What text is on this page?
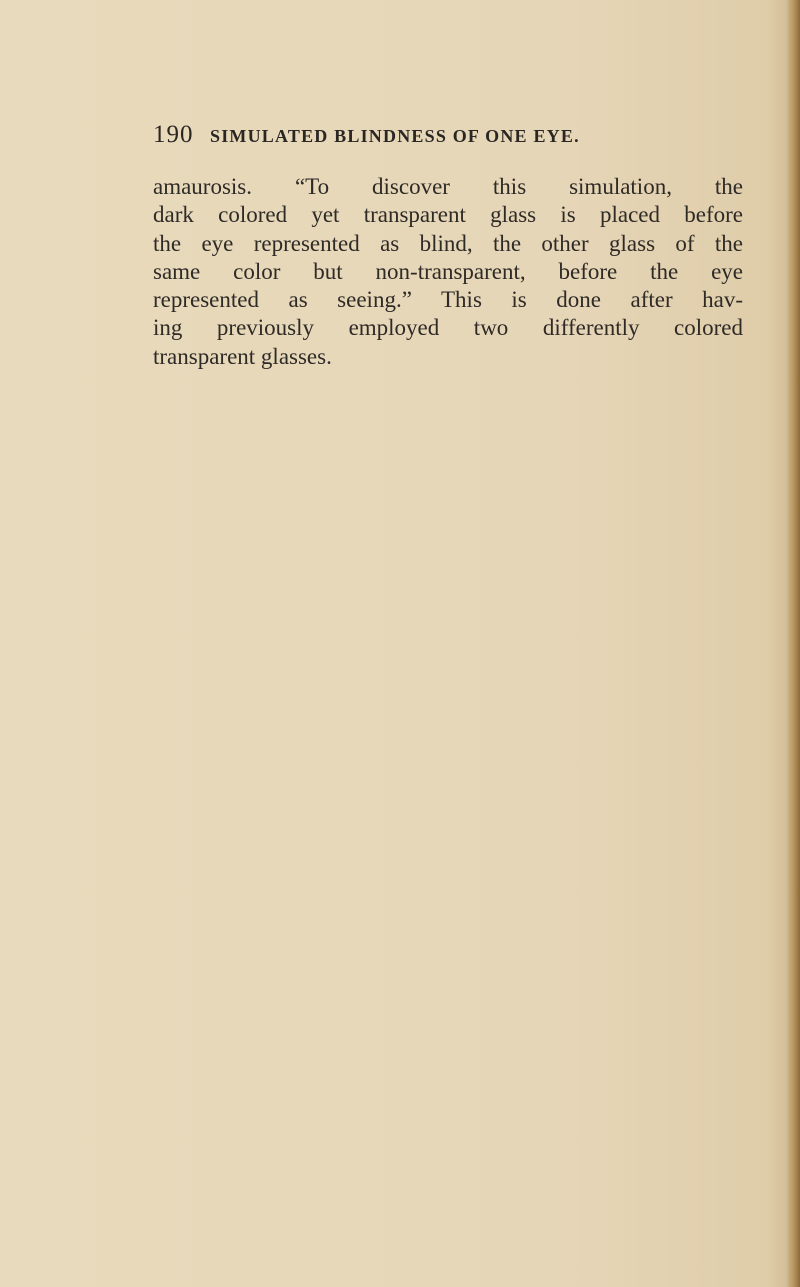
190 SIMULATED BLINDNESS OF ONE EYE.

amaurosis. “To discover this simulation, the
dark colored yet transparent glass is placed before
the eye represented as blind, the other glass of the
same color but non-transparent, before the eye
represented as seeing.” This is done after hav-
ing previously employed two differently colored
transparent glasses.
